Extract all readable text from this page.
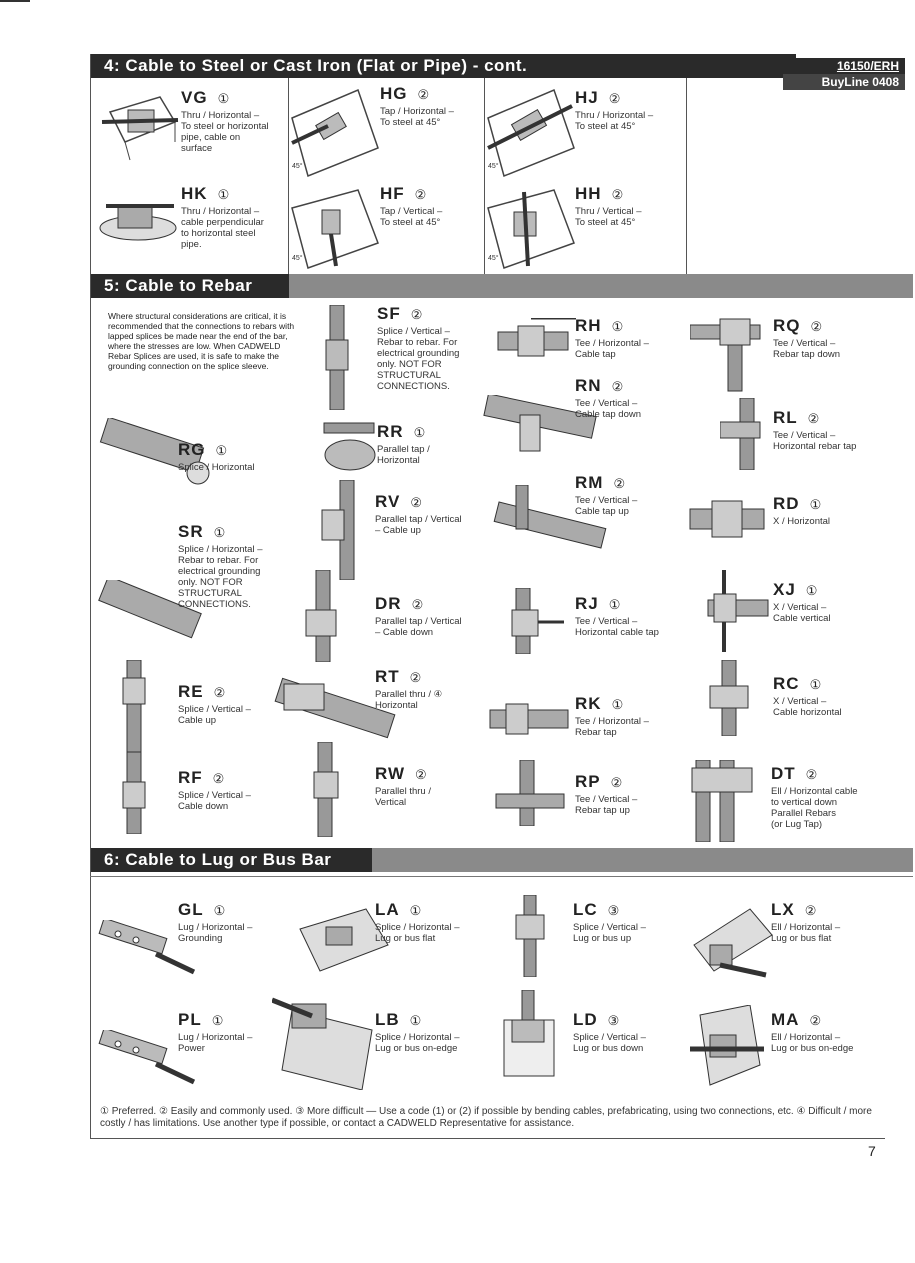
4: Cable to Steel or Cast Iron (Flat or Pipe) - cont.
5: Cable to Rebar
6: Cable to Lug or Bus Bar
16150/ERH
BuyLine 0408
45°	45°
45°	45°
Where structural considerations are critical, it is recommended that the connections to rebars with lapped splices be made near the end of the bar, where the stresses are low. When CADWELD Rebar Splices are used, it is safe to make the grounding connection on the splice sleeve.
VG ①
Thru / Horizontal –
To steel or horizontal
pipe, cable on
surface
HG ②
Tap / Horizontal –
To steel at 45°
HJ ②
Thru / Horizontal –
To steel at 45°
HK ①
Thru / Horizontal –
cable perpendicular
to horizontal steel
pipe.
HF ②
Tap / Vertical –
To steel at 45°
HH ②
Thru / Vertical –
To steel at 45°
SF ②
Splice / Vertical –
Rebar to rebar. For
electrical grounding
only. NOT FOR
STRUCTURAL
CONNECTIONS.
RH ①
Tee / Horizontal –
Cable tap
RQ ②
Tee / Vertical –
Rebar tap down
RN ②
Tee / Vertical –
Cable tap down
RR ①
Parallel tap /
Horizontal
RL ②
Tee / Vertical –
Horizontal rebar tap
RG ①
Splice / Horizontal
RM ②
Tee / Vertical –
Cable tap up
RV ②
Parallel tap / Vertical
– Cable up
RD ①
X / Horizontal
SR ①
Splice / Horizontal –
Rebar to rebar. For
electrical grounding
only. NOT FOR
STRUCTURAL
CONNECTIONS.
XJ ①
X / Vertical –
Cable vertical
DR ②
Parallel tap / Vertical
– Cable down
RJ ①
Tee / Vertical –
Horizontal cable tap
RT ②
Parallel thru / ④
Horizontal
RC ①
X / Vertical –
Cable horizontal
RE ②
Splice / Vertical –
Cable up
RK ①
Tee / Horizontal –
Rebar tap
RW ②
Parallel thru /
Vertical
DT ②
Ell / Horizontal cable
to vertical down
Parallel Rebars
(or Lug Tap)
RF ②
Splice / Vertical –
Cable down
RP ②
Tee / Vertical –
Rebar tap up
GL ①
Lug / Horizontal –
Grounding
LA ①
Splice / Horizontal –
Lug or bus flat
LC ③
Splice / Vertical –
Lug or bus up
LX ②
Ell / Horizontal –
Lug or bus flat
PL ①
Lug / Horizontal –
Power
LB ①
Splice / Horizontal –
Lug or bus on-edge
LD ③
Splice / Vertical –
Lug or bus down
MA ②
Ell / Horizontal –
Lug or bus on-edge
① Preferred. ② Easily and commonly used. ③ More difficult — Use a code (1) or (2) if possible by bending cables, prefabricating, using two connections, etc. ④ Difficult / more costly / has limitations. Use another type if possible, or contact a CADWELD Representative for assistance.
7
